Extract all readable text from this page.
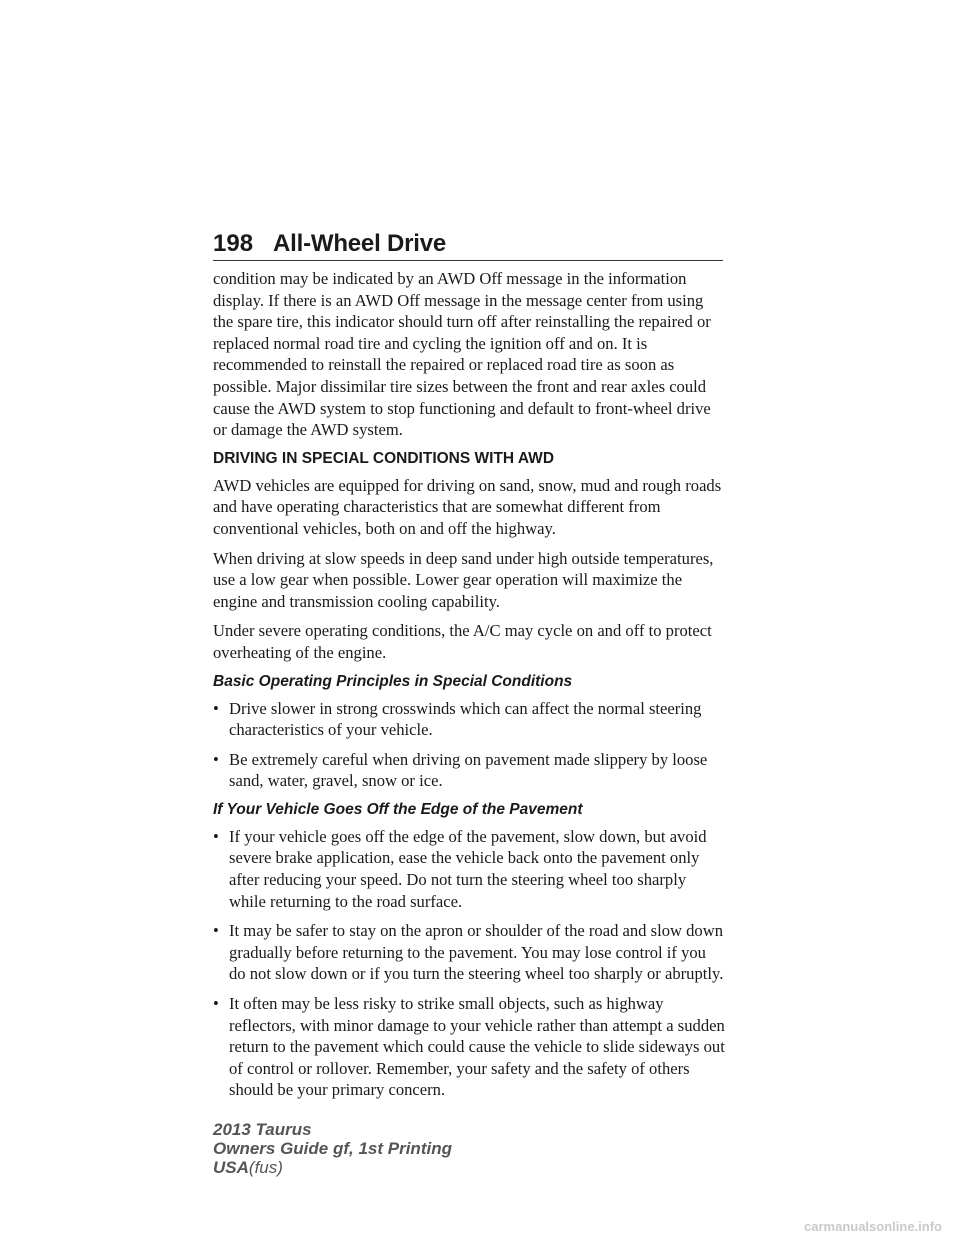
198 All-Wheel Drive

condition may be indicated by an AWD Off message in the information display. If there is an AWD Off message in the message center from using the spare tire, this indicator should turn off after reinstalling the repaired or replaced normal road tire and cycling the ignition off and on. It is recommended to reinstall the repaired or replaced road tire as soon as possible. Major dissimilar tire sizes between the front and rear axles could cause the AWD system to stop functioning and default to front-wheel drive or damage the AWD system.

DRIVING IN SPECIAL CONDITIONS WITH AWD

AWD vehicles are equipped for driving on sand, snow, mud and rough roads and have operating characteristics that are somewhat different from conventional vehicles, both on and off the highway.

When driving at slow speeds in deep sand under high outside temperatures, use a low gear when possible. Lower gear operation will maximize the engine and transmission cooling capability.

Under severe operating conditions, the A/C may cycle on and off to protect overheating of the engine.

Basic Operating Principles in Special Conditions
• Drive slower in strong crosswinds which can affect the normal steering characteristics of your vehicle.
• Be extremely careful when driving on pavement made slippery by loose sand, water, gravel, snow or ice.
If Your Vehicle Goes Off the Edge of the Pavement
• If your vehicle goes off the edge of the pavement, slow down, but avoid severe brake application, ease the vehicle back onto the pavement only after reducing your speed. Do not turn the steering wheel too sharply while returning to the road surface.
• It may be safer to stay on the apron or shoulder of the road and slow down gradually before returning to the pavement. You may lose control if you do not slow down or if you turn the steering wheel too sharply or abruptly.
• It often may be less risky to strike small objects, such as highway reflectors, with minor damage to your vehicle rather than attempt a sudden return to the pavement which could cause the vehicle to slide sideways out of control or rollover. Remember, your safety and the safety of others should be your primary concern.
2013 Taurus
Owners Guide gf, 1st Printing
USA(fus)
carmanualsonline.info
